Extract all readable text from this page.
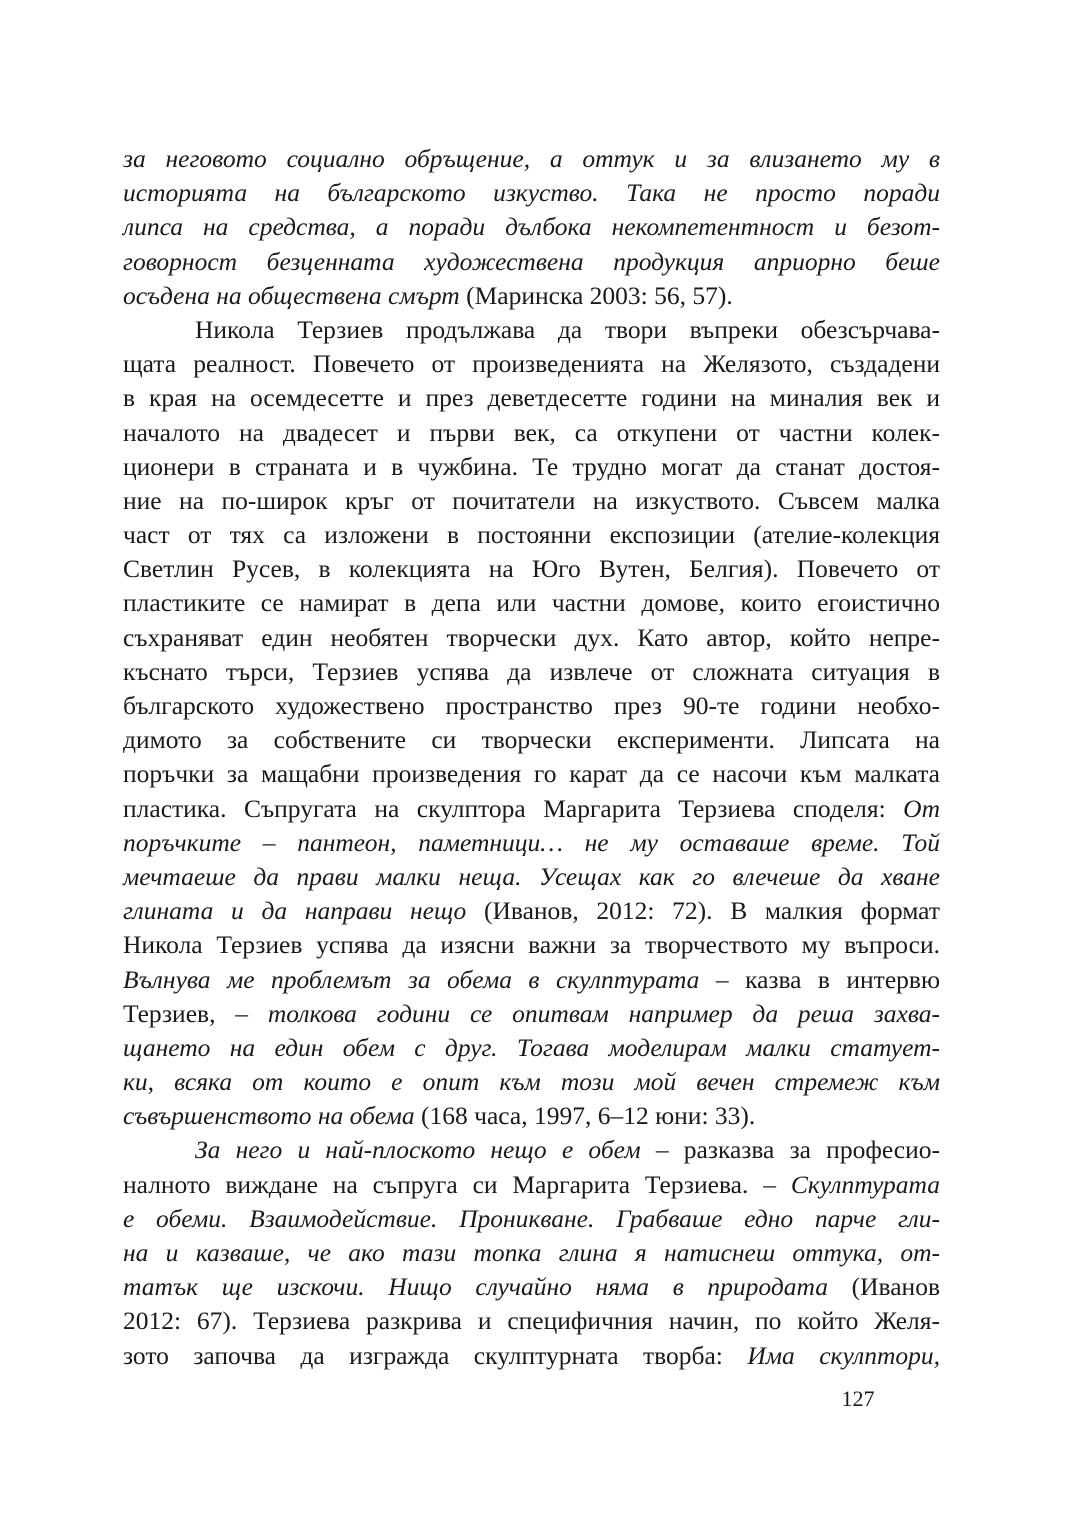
за неговото социално обръщение, а оттук и за влизането му в
историята на българското изкуство. Така не просто поради
липса на средства, а поради дълбока некомпетентност и безот-
говорност безценната художествена продукция априорно беше
осъдена на обществена смърт (Маринска 2003: 56, 57).
Никола Терзиев продължава да твори въпреки обезсърчава-
щата реалност. Повечето от произведенията на Желязото, създадени
в края на осемдесетте и през деветдесетте години на миналия век и
началото на двадесет и първи век, са откупени от частни колек-
ционери в страната и в чужбина. Те трудно могат да станат достоя-
ние на по-широк кръг от почитатели на изкуството. Съвсем малка
част от тях са изложени в постоянни експозиции (ателие-колекция
Светлин Русев, в колекцията на Юго Вутен, Белгия). Повечето от
пластиките се намират в депа или частни домове, които егоистично
съхраняват един необятен творчески дух. Като автор, който непре-
къснато търси, Терзиев успява да извлече от сложната ситуация в
българското художествено пространство през 90-те години необхо-
димото за собствените си творчески експерименти. Липсата на
поръчки за мащабни произведения го карат да се насочи към малката
пластика. Съпругата на скулптора Маргарита Терзиева споделя: От
поръчките – пантеон, паметници… не му оставаше време. Той
мечтаеше да прави малки неща. Усещах как го влечеше да хване
глината и да направи нещо (Иванов, 2012: 72). В малкия формат
Никола Терзиев успява да изясни важни за творчеството му въпроси.
Вълнува ме проблемът за обема в скулптурата – казва в интервю
Терзиев, – толкова години се опитвам например да реша захва-
щането на един обем с друг. Тогава моделирам малки статует-
ки, всяка от които е опит към този мой вечен стремеж към
съвършенството на обема (168 часа, 1997, 6–12 юни: 33).
За него и най-плоското нещо е обем – разказва за професио-
налното виждане на съпруга си Маргарита Терзиева. – Скулптурата
е обеми. Взаимодействие. Проникване. Грабваше едно парче гли-
на и казваше, че ако тази топка глина я натиснеш оттука, от-
татък ще изскочи. Нищо случайно няма в природата (Иванов
2012: 67). Терзиева разкрива и специфичния начин, по който Желя-
зото започва да изгражда скулптурната творба: Има скулптори,
127
